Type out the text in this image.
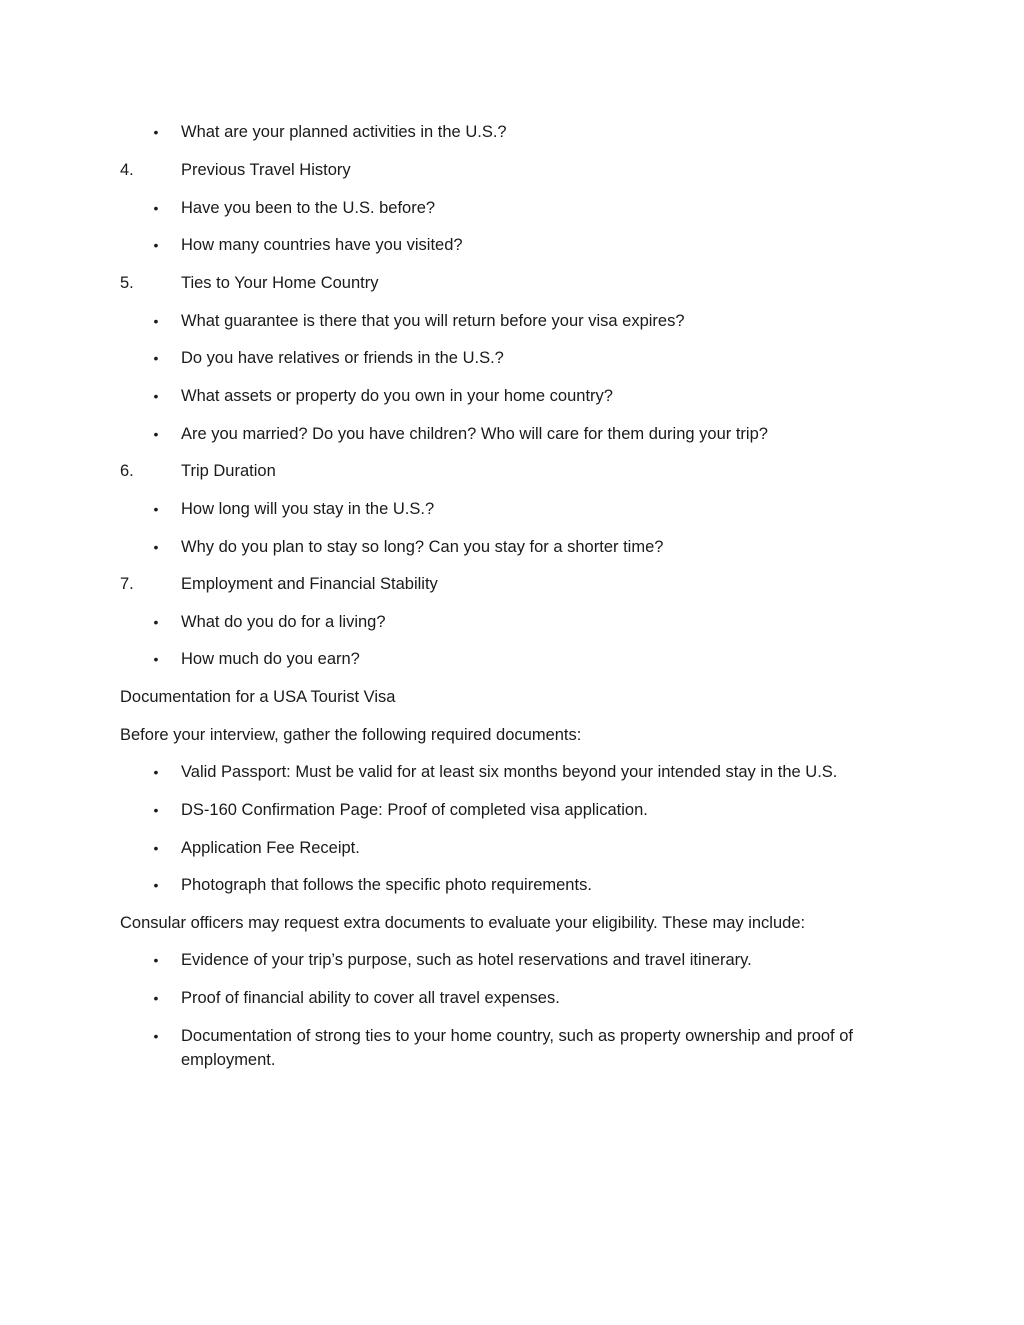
• What are your planned activities in the U.S.?
4.	Previous Travel History
• Have you been to the U.S. before?
• How many countries have you visited?
5.	Ties to Your Home Country
• What guarantee is there that you will return before your visa expires?
• Do you have relatives or friends in the U.S.?
• What assets or property do you own in your home country?
• Are you married? Do you have children? Who will care for them during your trip?
6.	Trip Duration
• How long will you stay in the U.S.?
• Why do you plan to stay so long? Can you stay for a shorter time?
7.	Employment and Financial Stability
• What do you do for a living?
• How much do you earn?
Documentation for a USA Tourist Visa
Before your interview, gather the following required documents:
• Valid Passport: Must be valid for at least six months beyond your intended stay in the U.S.
• DS-160 Confirmation Page: Proof of completed visa application.
• Application Fee Receipt.
• Photograph that follows the specific photo requirements.
Consular officers may request extra documents to evaluate your eligibility. These may include:
• Evidence of your trip’s purpose, such as hotel reservations and travel itinerary.
• Proof of financial ability to cover all travel expenses.
• Documentation of strong ties to your home country, such as property ownership and proof of employment.
